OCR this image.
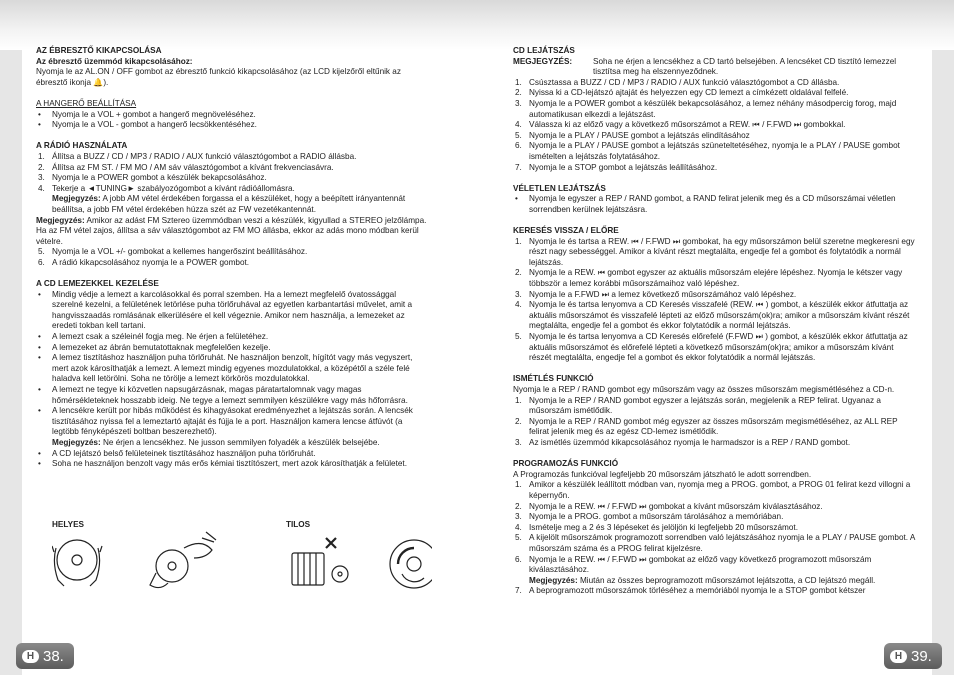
AZ ÉBRESZTŐ KIKAPCSOLÁSA

Az ébresztő üzemmód kikapcsolásához:

Nyomja le az AL.ON / OFF gombot az ébresztő funkció kikapcsolásához (az LCD kijelzőről eltűnik az ébresztő ikonja 🔔).

A HANGERŐ BEÁLLÍTÁSA

• Nyomja le a VOL + gombot a hangerő megnöveléséhez.

• Nyomja le a VOL - gombot a hangerő lecsökkentéséhez.

A RÁDIÓ HASZNÁLATA

1. Állítsa a BUZZ / CD / MP3 / RADIO / AUX funkció választógombot a RADIO állásba.

2. Állítsa az FM ST. / FM MO / AM sáv választógombot a kívánt frekvenciasávra.

3. Nyomja le a POWER gombot a készülék bekapcsolásához.

4. Tekerje a ◄TUNING► szabályozógombot a kívánt rádióállomásra.

Megjegyzés: A jobb AM vétel érdekében forgassa el a készüléket, hogy a beépített irányantennát beállítsa, a jobb FM vétel érdekében húzza szét az FW vezetékantennát.

Megjegyzés: Amikor az adást FM Sztereo üzemmódban veszi a készülék, kigyullad a STEREO jelzőlámpa. Ha az FM vétel zajos, állítsa a sáv választógombot az FM MO állásba, ekkor az adás mono módban kerül vételre.

5. Nyomja le a VOL +/- gombokat a kellemes hangerőszint beállításához.

6. A rádió kikapcsolásához nyomja le a POWER gombot.

A CD LEMEZEKKEL KEZELÉSE

• Mindig védje a lemezt a karcolásokkal és porral szemben. Ha a lemezt megfelelő óvatossággal szerelné kezelni, a felületének letörlése puha törlőruhával az egyetlen karbantartási művelet, amit a hangvisszaadás romlásának elkerülésére el kell végeznie. Amikor nem használja, a lemezeket az eredeti tokban kell tartani.

• A lemezt csak a széleinél fogja meg. Ne érjen a felületéhez.

• A lemezeket az ábrán bemutatottaknak megfelelően kezelje.

• A lemez tisztításhoz használjon puha törlőruhát. Ne használjon benzolt, hígítót vagy más vegyszert, mert azok károsíthatják a lemezt. A lemezt mindig egyenes mozdulatokkal, a középétől a széle felé haladva kell letörölni. Soha ne törölje a lemezt körkörös mozdulatokkal.

• A lemezt ne tegye ki közvetlen napsugárzásnak, magas páratartalomnak vagy magas hőmérsékleteknek hosszabb ideig. Ne tegye a lemezt semmilyen készülékre vagy más hőforrásra.

• A lencsékre került por hibás működést és kihagyásokat eredményezhet a lejátszás során. A lencsék tisztításához nyissa fel a lemeztartó ajtaját és fújja le a port. Használjon kamera lencse átfúvót (a legtöbb fényképészeti boltban beszerezhető).

Megjegyzés: Ne érjen a lencsékhez. Ne jusson semmilyen folyadék a készülék belsejébe.

• A CD lejátszó belső felületeinek tisztításához használjon puha törlőruhát.

• Soha ne használjon benzolt vagy más erős kémiai tisztítószert, mert azok károsíthatják a felületet.

HELYES	TILOS

CD LEJÁTSZÁS

MEGJEGYZÉS:	Soha ne érjen a lencsékhez a CD tartó belsejében. A lencséket CD tisztító lemezzel tisztítsa meg ha elszennyeződnek.

1. Csúsztassa a BUZZ / CD / MP3 / RADIO / AUX funkció választógombot a CD állásba.

2. Nyissa ki a CD-lejátszó ajtaját és helyezzen egy CD lemezt a címkézett oldalával felfelé.

3. Nyomja le a POWER gombot a készülék bekapcsolásához, a lemez néhány másodpercig forog, majd automatikusan elkezdi a lejátszást.

4. Válassza ki az előző vagy a következő műsorszámot a REW. ⏮ / F.FWD ⏭ gombokkal.

5. Nyomja le a PLAY / PAUSE gombot a lejátszás elindításához

6. Nyomja le a PLAY / PAUSE gombot a lejátszás szüneteltetéséhez, nyomja le a PLAY / PAUSE gombot ismételten a lejátszás folytatásához.

7. Nyomja le a STOP gombot a lejátszás leállításához.

VÉLETLEN LEJÁTSZÁS

• Nyomja le egyszer a REP / RAND gombot, a RAND felirat jelenik meg és a CD műsorszámai véletlen sorrendben kerülnek lejátszásra.

KERESÉS VISSZA / ELŐRE

1. Nyomja le és tartsa a REW. ⏮ / F.FWD ⏭ gombokat, ha egy műsorszámon belül szeretne megkeresni egy részt nagy sebességgel. Amikor a kívánt részt megtalálta, engedje fel a gombot és folytatódik a normál lejátszás.

2. Nyomja le a REW. ⏮ gombot egyszer az aktuális műsorszám elejére lépéshez. Nyomja le kétszer vagy többször a lemez korábbi műsorszámaihoz való lépéshez.

3. Nyomja le a F.FWD ⏭ a lemez következő műsorszámához való lépéshez.

4. Nyomja le és tartsa lenyomva a CD Keresés visszafelé (REW. ⏮ ) gombot, a készülék ekkor átfuttatja az aktuális műsorszámot és visszafelé lépteti az előző műsorszám(ok)ra; amikor a műsorszám kívánt részét megtalálta, engedje fel a gombot és ekkor folytatódik a normál lejátszás.

5. Nyomja le és tartsa lenyomva a CD Keresés előrefelé (F.FWD ⏭ ) gombot, a készülék ekkor átfuttatja az aktuális műsorszámot és előrefelé lépteti a következő műsorszám(ok)ra; amikor a műsorszám kívánt részét megtalálta, engedje fel a gombot és ekkor folytatódik a normál lejátszás.

ISMÉTLÉS FUNKCIÓ

Nyomja le a REP / RAND gombot egy műsorszám vagy az összes műsorszám megismétléséhez a CD-n.

1. Nyomja le a REP / RAND gombot egyszer a lejátszás során, megjelenik a REP felirat. Ugyanaz a műsorszám ismétlődik.

2. Nyomja le a REP / RAND gombot még egyszer az összes műsorszám megismétléséhez, az ALL REP felirat jelenik meg és az egész CD-lemez ismétlődik.

3. Az ismétlés üzemmód kikapcsolásához nyomja le harmadszor is a REP / RAND gombot.

PROGRAMOZÁS FUNKCIÓ

A Programozás funkcióval legfeljebb 20 műsorszám játszható le adott sorrendben.

1. Amikor a készülék leállított módban van, nyomja meg a PROG. gombot, a PROG 01 felirat kezd villogni a képernyőn.

2. Nyomja le a REW. ⏮ / F.FWD ⏭ gombokat a kívánt műsorszám kiválasztásához.

3. Nyomja le a PROG. gombot a műsorszám tárolásához a memóriában.

4. Ismételje meg a 2 és 3 lépéseket és jelöljön ki legfeljebb 20 műsorszámot.

5. A kijelölt műsorszámok programozott sorrendben való lejátszásához nyomja le a PLAY / PAUSE gombot. A műsorszám száma és a PROG felirat kijelzésre.

6. Nyomja le a REW. ⏮ / F.FWD ⏭ gombokat az előző vagy következő programozott műsorszám kiválasztásához.

Megjegyzés: Miután az összes beprogramozott műsorszámot lejátszotta, a CD lejátszó megáll.

7. A beprogramozott műsorszámok törléséhez a memóriából nyomja le a STOP gombot kétszer

H 38.	H 39.
